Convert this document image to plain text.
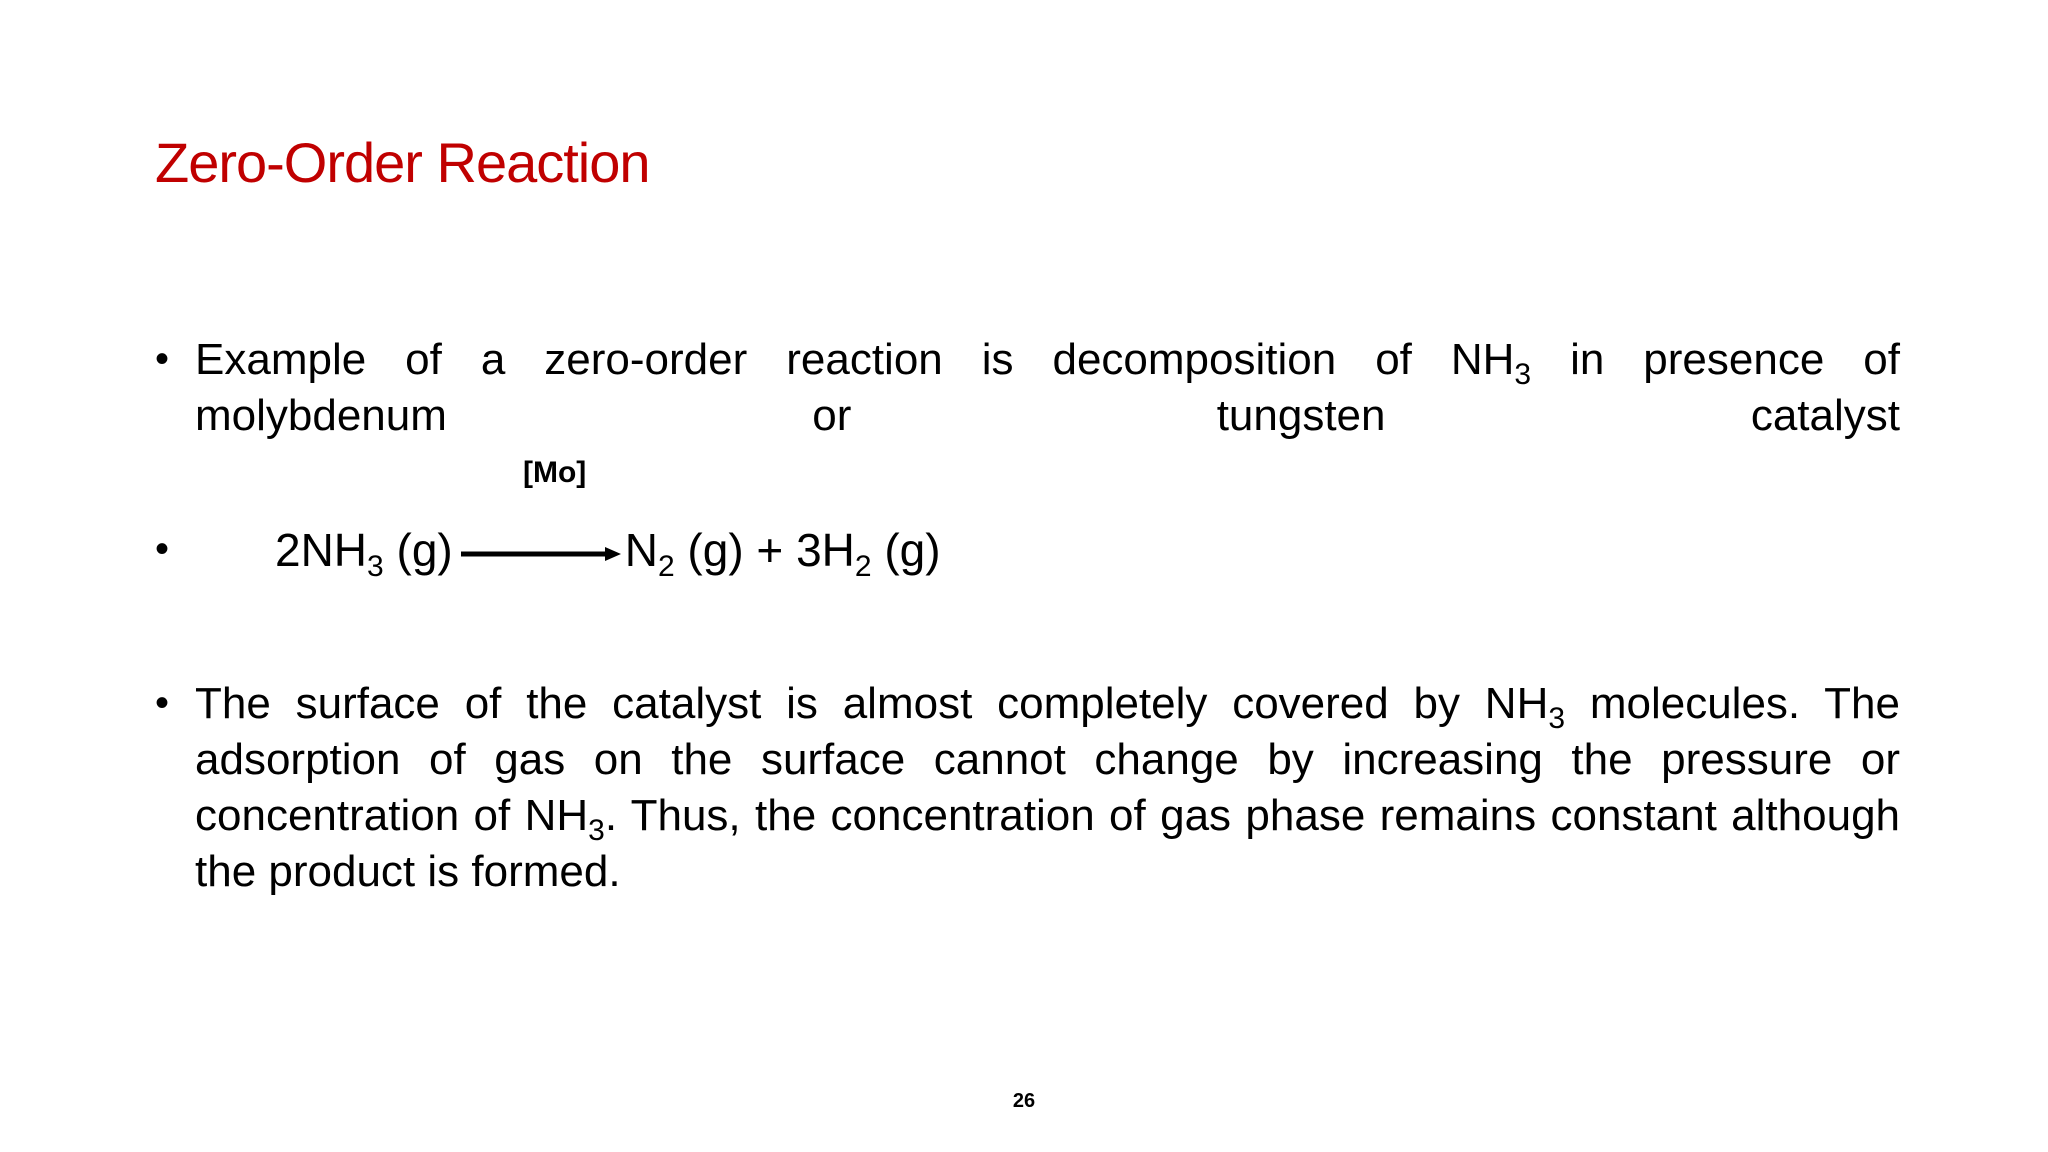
Zero-Order Reaction
• Example of a zero-order reaction is decomposition of $NH_3$ in presence of
molybdenum	or	tungsten	catalyst
[Mo]
• $2NH_3$ $(g) \to N_2$ $(g) + 3H_2$ (g)
• The surface of the catalyst is almost completely covered by $NH_3$ molecules. The adsorption of gas on the surface cannot change by increasing the pressure or concentration of $NH_3$. Thus, the concentration of gas phase remains constant although the product is formed.
26
